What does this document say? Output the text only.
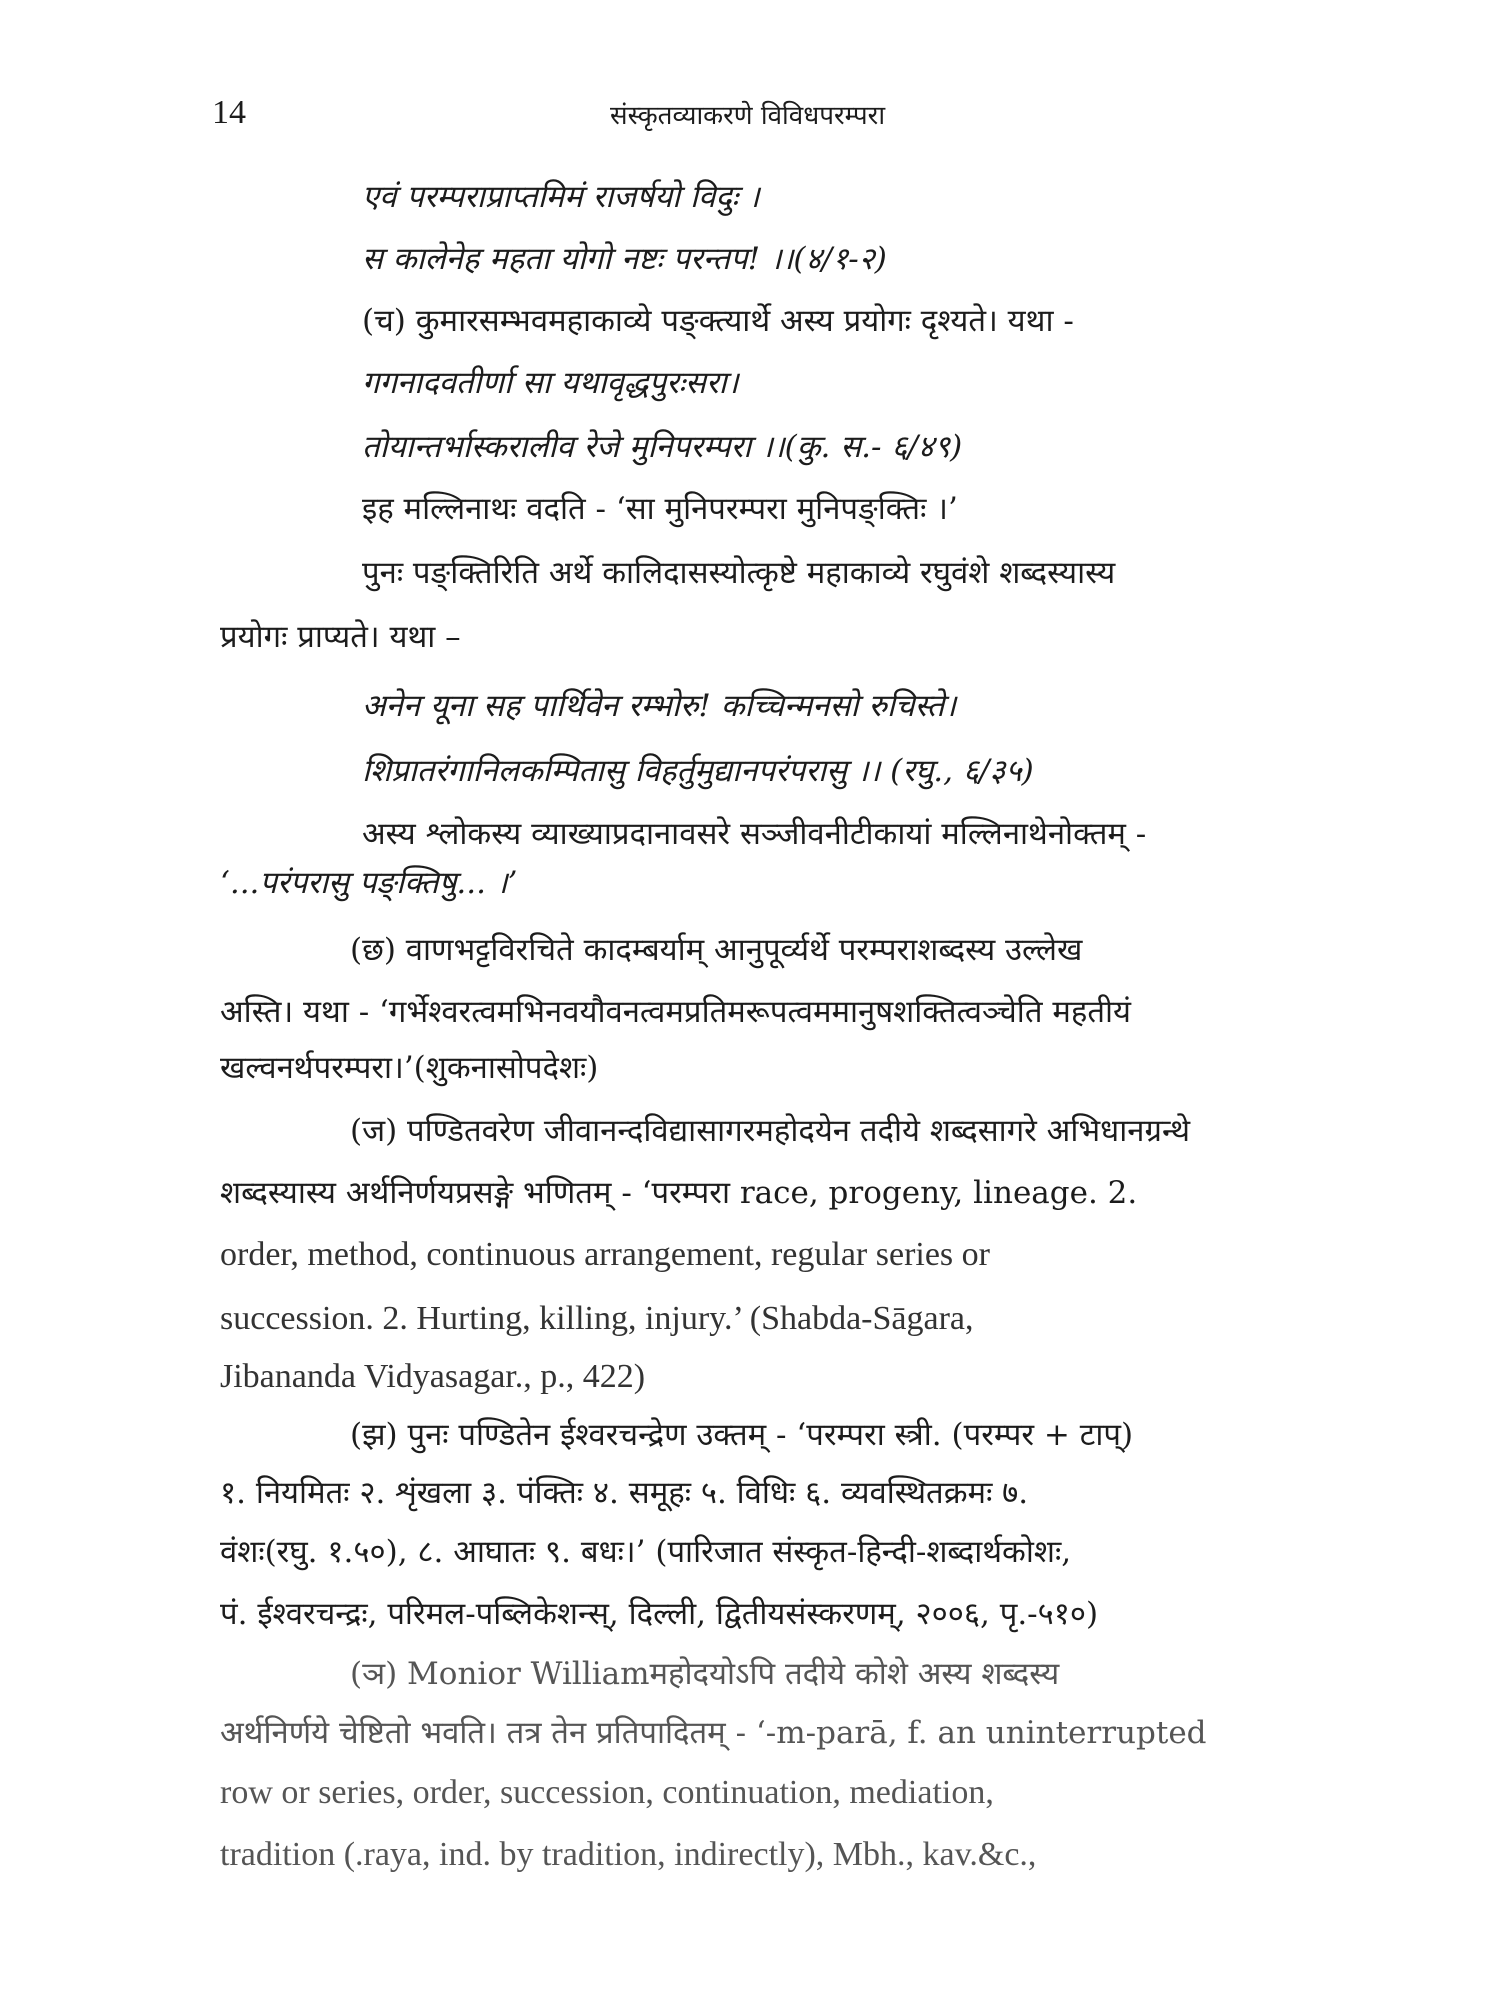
14	संस्कृतव्याकरणे विविधपरम्परा
एवं परम्पराप्राप्तमिमं राजर्षयो विदुः ।
स कालेनेह महता योगो नष्टः परन्तप! ।।(४/१-२)
(च) कुमारसम्भवमहाकाव्ये पङ्क्त्यार्थे अस्य प्रयोगः दृश्यते। यथा -
गगनादवतीर्णा सा यथावृद्धपुरःसरा।
तोयान्तर्भास्करालीव रेजे मुनिपरम्परा ।।(कु. स.- ६/४९)
इह मल्लिनाथः वदति - ‘सा मुनिपरम्परा मुनिपङ्क्तिः ।’
पुनः पङ्क्तिरिति अर्थे कालिदासस्योत्कृष्टे महाकाव्ये रघुवंशे शब्दस्यास्य
प्रयोगः प्राप्यते। यथा –
अनेन यूना सह पार्थिवेन रम्भोरु! कच्चिन्मनसो रुचिस्ते।
शिप्रातरंगानिलकम्पितासु विहर्तुमुद्यानपरंपरासु ।। (रघु., ६/३५)
अस्य श्लोकस्य व्याख्याप्रदानावसरे सञ्जीवनीटीकायां मल्लिनाथेनोक्तम् -
‘...परंपरासु पङ्क्तिषु... ।’
(छ) वाणभट्टविरचिते कादम्बर्याम् आनुपूर्व्यर्थे परम्पराशब्दस्य उल्लेख
अस्ति। यथा - ‘गर्भेश्वरत्वमभिनवयौवनत्वमप्रतिमरूपत्वममानुषशक्तित्वञ्चेति महतीयं
खल्वनर्थपरम्परा।’(शुकनासोपदेशः)
(ज) पण्डितवरेण जीवानन्दविद्यासागरमहोदयेन तदीये शब्दसागरे अभिधानग्रन्थे
शब्दस्यास्य अर्थनिर्णयप्रसङ्गे भणितम् - ‘परम्परा race, progeny, lineage. 2.
order, method, continuous arrangement, regular series or
succession. 2. Hurting, killing, injury.’ (Shabda-Sāgara,
Jibananda Vidyasagar., p., 422)
(झ) पुनः पण्डितेन ईश्वरचन्द्रेण उक्तम् - ‘परम्परा स्त्री. (परम्पर + टाप्)
१. नियमितः २. शृंखला ३. पंक्तिः ४. समूहः ५. विधिः ६. व्यवस्थितक्रमः ७.
वंशः(रघु. १.५०), ८. आघातः ९. बधः।’ (पारिजात संस्कृत-हिन्दी-शब्दार्थकोशः,
पं. ईश्वरचन्द्रः, परिमल-पब्लिकेशन्स्, दिल्ली, द्वितीयसंस्करणम्, २००६, पृ.-५१०)
(ञ) Monior Williamमहोदयोऽपि तदीये कोशे अस्य शब्दस्य
अर्थनिर्णये चेष्टितो भवति। तत्र तेन प्रतिपादितम् - ‘-m-parā, f. an uninterrupted
row or series, order, succession, continuation, mediation,
tradition (.raya, ind. by tradition, indirectly), Mbh., kav.&c.,
